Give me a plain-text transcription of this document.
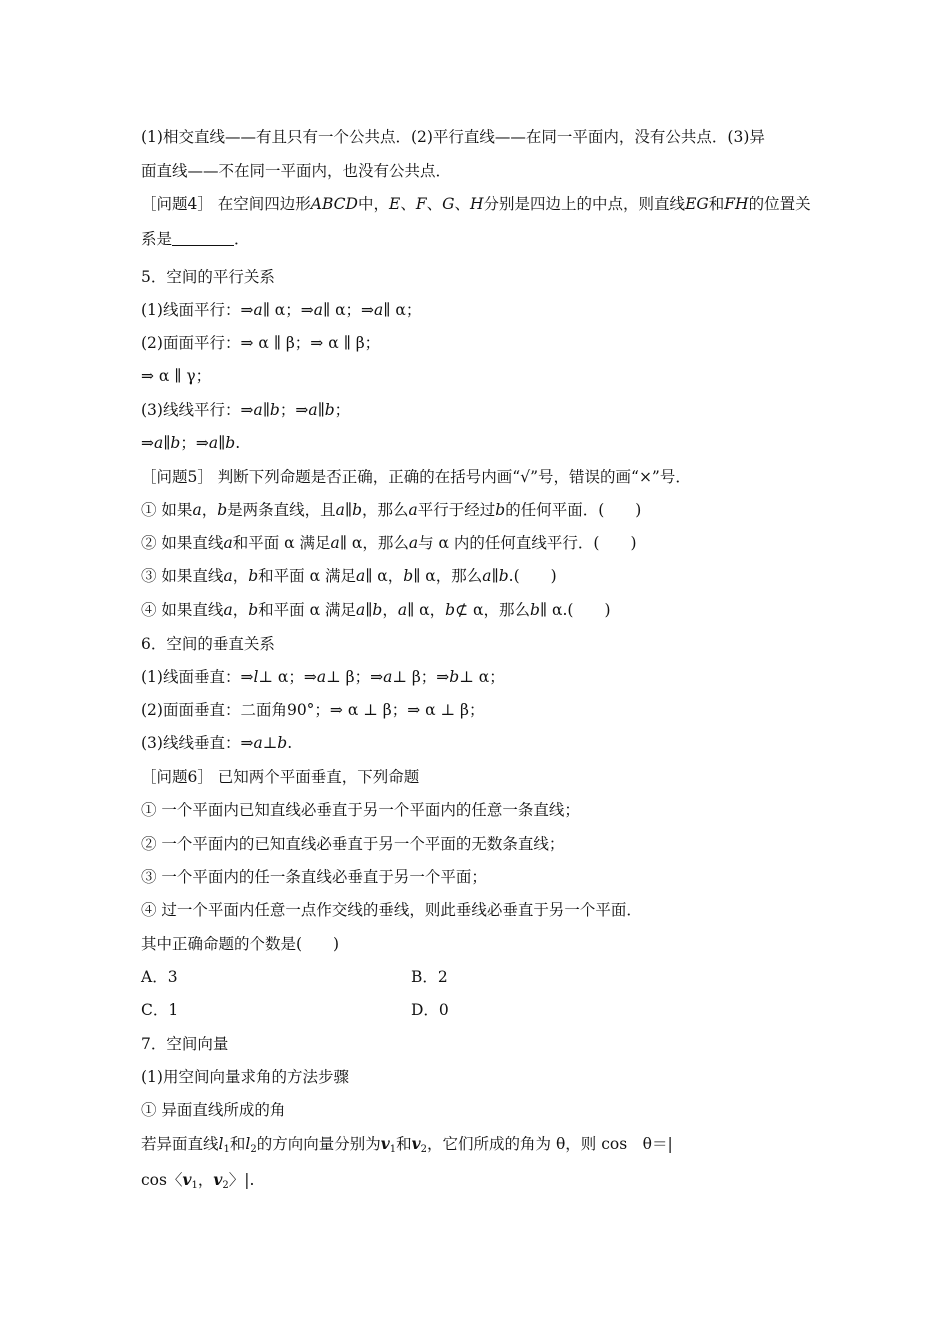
(1)相交直线——有且只有一个公共点．(2)平行直线——在同一平面内，没有公共点．(3)异
面直线——不在同一平面内，也没有公共点．
［问题4］ 在空间四边形ABCD中，E、F、G、H分别是四边上的中点，则直线EG和FH的位置关
系是	．
5．空间的平行关系
(1)线面平行：⇒a∥ α；⇒a∥ α；⇒a∥ α；
(2)面面平行：⇒ α ∥ β；⇒ α ∥ β；
⇒ α ∥ γ；
(3)线线平行：⇒a∥b；⇒a∥b；
⇒a∥b；⇒a∥b.
［问题5］ 判断下列命题是否正确，正确的在括号内画“√”号，错误的画“×”号．
① 如果a，b是两条直线，且a∥b，那么a平行于经过b的任何平面．(　　)
② 如果直线a和平面 α 满足a∥ α，那么a与 α 内的任何直线平行．(　　)
③ 如果直线a，b和平面 α 满足a∥ α，b∥ α，那么a∥b.(　　)
④ 如果直线a，b和平面 α 满足a∥b，a∥ α，b⊄ α，那么b∥ α.(　　)
6．空间的垂直关系
(1)线面垂直：⇒l⊥ α；⇒a⊥ β；⇒a⊥ β；⇒b⊥ α；
(2)面面垂直：二面角90°；⇒ α ⊥ β；⇒ α ⊥ β；
(3)线线垂直：⇒a⊥b.
［问题6］ 已知两个平面垂直，下列命题
① 一个平面内已知直线必垂直于另一个平面内的任意一条直线；
② 一个平面内的已知直线必垂直于另一个平面的无数条直线；
③ 一个平面内的任一条直线必垂直于另一个平面；
④ 过一个平面内任意一点作交线的垂线，则此垂线必垂直于另一个平面．
其中正确命题的个数是(　　)
A．3	B．2
C．1	D．0
7．空间向量
(1)用空间向量求角的方法步骤
① 异面直线所成的角
若异面直线$l_1$和$l_2$的方向向量分别为$v_1$和$v_2$，它们所成的角为 θ，则 cos　θ＝|
cos〈$v_1$，$v_2$〉|.
